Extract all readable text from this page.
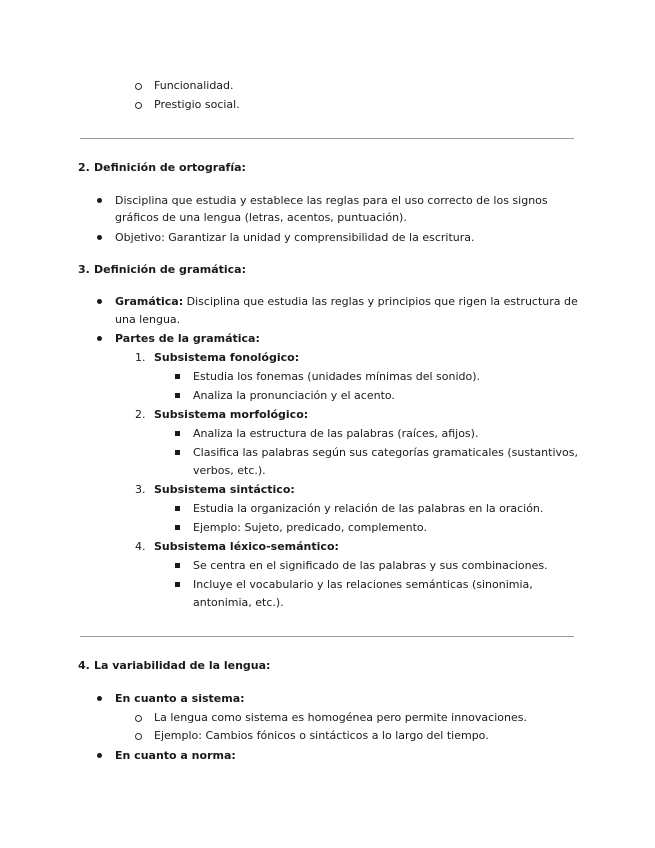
Funcionalidad.
Prestigio social.
2. Definición de ortografía:
Disciplina que estudia y establece las reglas para el uso correcto de los signos
gráficos de una lengua (letras, acentos, puntuación).
Objetivo: Garantizar la unidad y comprensibilidad de la escritura.
3. Definición de gramática:
Gramática: Disciplina que estudia las reglas y principios que rigen la estructura de
una lengua.
Partes de la gramática:
1. Subsistema fonológico:
Estudia los fonemas (unidades mínimas del sonido).
Analiza la pronunciación y el acento.
2. Subsistema morfológico:
Analiza la estructura de las palabras (raíces, afijos).
Clasifica las palabras según sus categorías gramaticales (sustantivos,
verbos, etc.).
3. Subsistema sintáctico:
Estudia la organización y relación de las palabras en la oración.
Ejemplo: Sujeto, predicado, complemento.
4. Subsistema léxico-semántico:
Se centra en el significado de las palabras y sus combinaciones.
Incluye el vocabulario y las relaciones semánticas (sinonimia,
antonimia, etc.).
4. La variabilidad de la lengua:
En cuanto a sistema:
La lengua como sistema es homogénea pero permite innovaciones.
Ejemplo: Cambios fónicos o sintácticos a lo largo del tiempo.
En cuanto a norma:
